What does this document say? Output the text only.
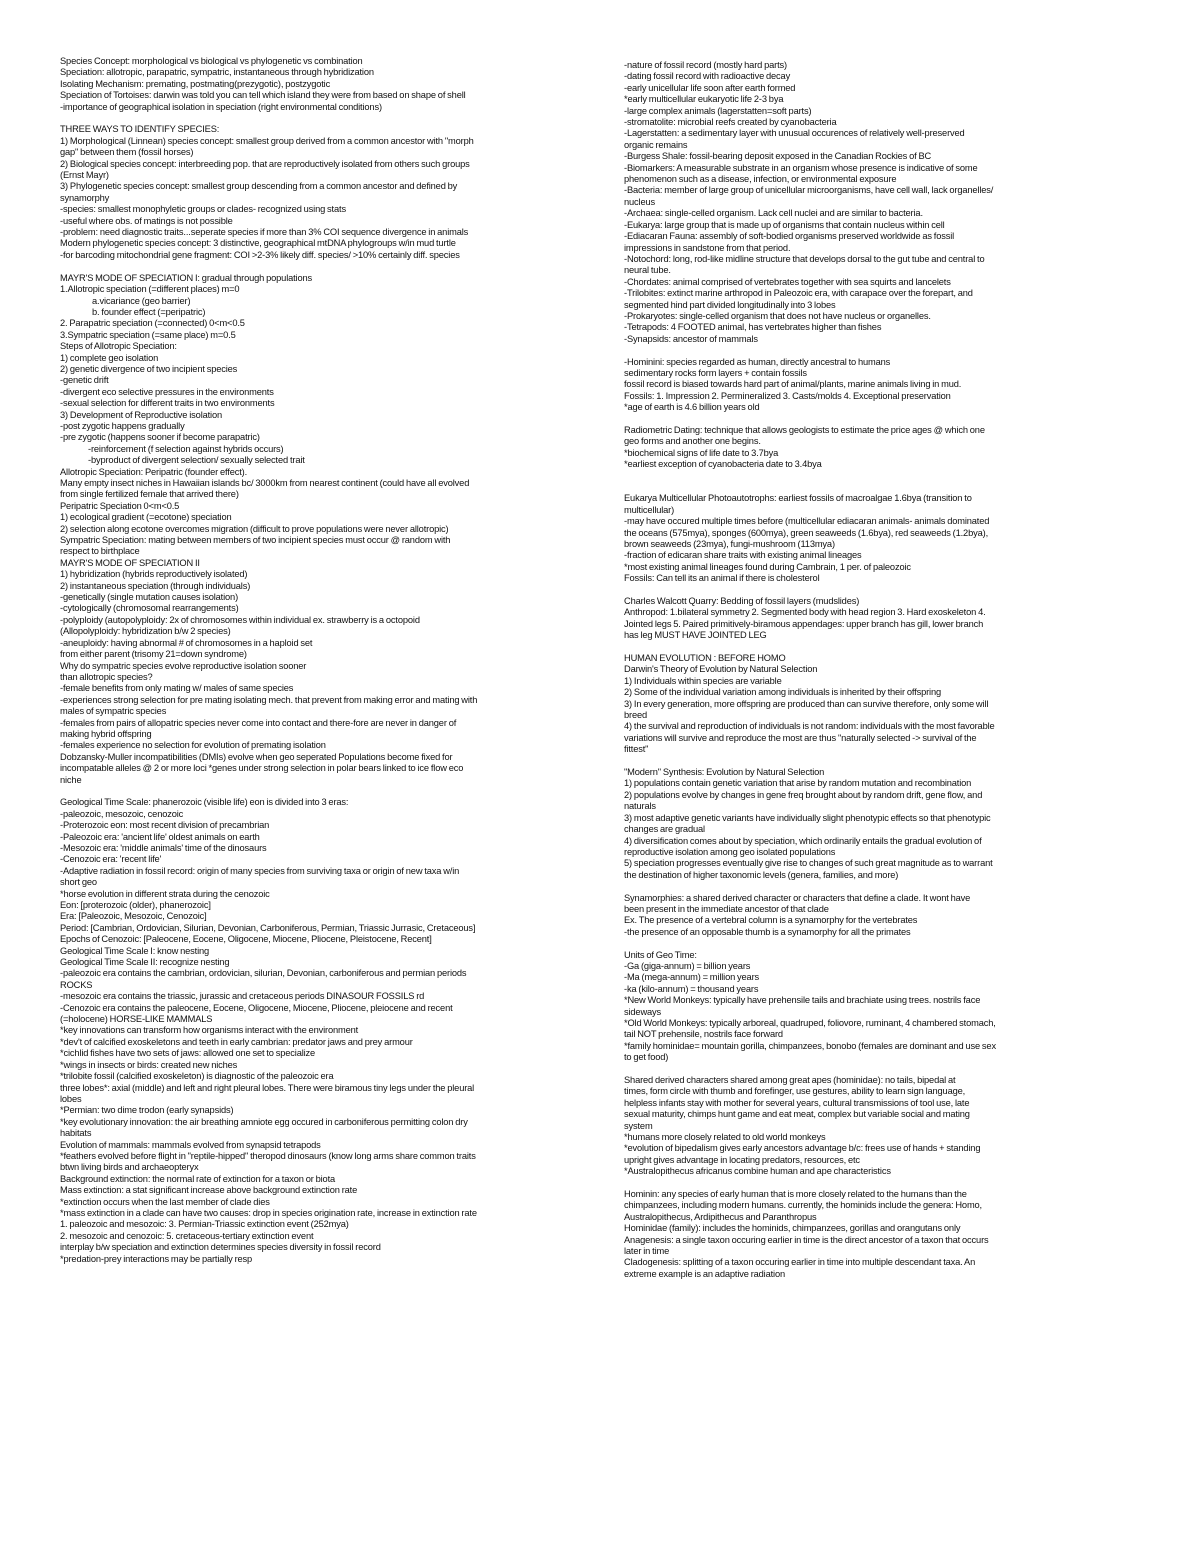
Species Concept: morphological vs biological vs phylogenetic vs combination
Speciation: allotropic, parapatric, sympatric, instantaneous through hybridization
Isolating Mechanism: premating, postmating(prezygotic), postzygotic
Speciation of Tortoises: darwin was told you can tell which island they were from based on shape of shell
-importance of geographical isolation in speciation (right environmental conditions)
THREE WAYS TO IDENTIFY SPECIES:
1) Morphological (Linnean) species concept: smallest group derived from a common ancestor with "morph
gap" between them (fossil horses)
2) Biological species concept: interbreeding pop. that are reproductively isolated from others such groups
(Ernst Mayr)
3) Phylogenetic species concept: smallest group descending from a common ancestor and defined by
synamorphy
-species: smallest monophyletic groups or clades- recognized using stats
-useful where obs. of matings is not possible
-problem: need diagnostic traits...seperate species if more than 3% COI sequence divergence in animals
Modern phylogenetic species concept: 3 distinctive, geographical mtDNA phylogroups w/in mud turtle
-for barcoding mitochondrial gene fragment: COI >2-3% likely diff. species/ >10% certainly diff. species
MAYR'S MODE OF SPECIATION I: gradual through populations
1.Allotropic speciation (=different places) m=0
a.vicariance (geo barrier)
b. founder effect (=peripatric)
2. Parapatric speciation (=connected) 0<m<0.5
3.Sympatric speciation (=same place) m=0.5
Steps of Allotropic Speciation:
1) complete geo isolation
2) genetic divergence of two incipient species
-genetic drift
-divergent eco selective pressures in the environments
-sexual selection for different traits in two environments
3) Development of Reproductive isolation
-post zygotic happens gradually
-pre zygotic (happens sooner if become parapatric)
-reinforcement (f selection against hybrids occurs)
-byproduct of divergent selection/ sexually selected trait
Allotropic Speciation: Peripatric (founder effect).
Many empty insect niches in Hawaiian islands bc/ 3000km from nearest continent (could have all evolved
from single fertilized female that arrived there)
Peripatric Speciation 0<m<0.5
1) ecological gradient (=ecotone) speciation
2) selection along ecotone overcomes migration (difficult to prove populations were never allotropic)
Sympatric Speciation: mating between members of two incipient species must occur @ random with
respect to birthplace
MAYR'S MODE OF SPECIATION II
1) hybridization (hybrids reproductively isolated)
2) instantaneous speciation (through individuals)
-genetically (single mutation causes isolation)
-cytologically (chromosomal rearrangements)
-polyploidy (autopolyploidy: 2x of chromosomes within individual ex. strawberry is a octopoid
(Allopolyploidy: hybridization b/w 2 species)
-aneuploidy: having abnormal # of chromosomes in a haploid set
from either parent (trisomy 21=down syndrome)
Why do sympatric species evolve reproductive isolation sooner
than allotropic species?
-female benefits from only mating w/ males of same species
-experiences strong selection for pre mating isolating mech. that prevent from making error and mating with
males of sympatric species
-females from pairs of allopatric species never come into contact and there-fore are never in danger of
making hybrid offspring
-females experience no selection for evolution of premating isolation
Dobzansky-Muller incompatibilities (DMIs) evolve when geo seperated Populations become fixed for
incompatable alleles @ 2 or more loci *genes under strong selection in polar bears linked to ice flow eco
niche
Geological Time Scale: phanerozoic (visible life) eon is divided into 3 eras:
-paleozoic, mesozoic, cenozoic
-Proterozoic eon: most recent division of precambrian
-Paleozoic era: 'ancient life' oldest animals on earth
-Mesozoic era: 'middle animals' time of the dinosaurs
-Cenozoic era: 'recent life'
-Adaptive radiation in fossil record: origin of many species from surviving taxa or origin of new taxa w/in
short geo
*horse evolution in different strata during the cenozoic
Eon: [proterozoic (older), phanerozoic]
Era: [Paleozoic, Mesozoic, Cenozoic]
Period: [Cambrian, Ordovician, Silurian, Devonian, Carboniferous, Permian, Triassic Jurrasic, Cretaceous]
Epochs of Cenozoic: [Paleocene, Eocene, Oligocene, Miocene, Pliocene, Pleistocene, Recent]
Geological Time Scale I: know nesting
Geological Time Scale II: recognize nesting
-paleozoic era contains the cambrian, ordovician, silurian, Devonian, carboniferous and permian periods
ROCKS
-mesozoic era contains the triassic, jurassic and cretaceous periods DINASOUR FOSSILS rd
-Cenozoic era contains the paleocene, Eocene, Oligocene, Miocene, Pliocene, pleiocene and recent
(=holocene) HORSE-LIKE MAMMALS
*key innovations can transform how organisms interact with the environment
*dev't of calcified exoskeletons and teeth in early cambrian: predator jaws and prey armour
*cichlid fishes have two sets of jaws: allowed one set to specialize
*wings in insects or birds: created new niches
*trilobite fossil (calcified exoskeleton) is diagnostic of the paleozoic era
three lobes*: axial (middle) and left and right pleural lobes. There were biramous tiny legs under the pleural
lobes
*Permian: two dime trodon (early synapsids)
*key evolutionary innovation: the air breathing amniote egg occured in carboniferous permitting colon dry
habitats
Evolution of mammals: mammals evolved from synapsid tetrapods
*feathers evolved before flight in "reptile-hipped" theropod dinosaurs (know long arms share common traits
btwn living birds and archaeopteryx
Background extinction: the normal rate of extinction for a taxon or biota
Mass extinction: a stat significant increase above background extinction rate
*extinction occurs when the last member of clade dies
*mass extinction in a clade can have two causes: drop in species origination rate, increase in extinction rate
1. paleozoic and mesozoic: 3. Permian-Triassic extinction event (252mya)
2. mesozoic and cenozoic: 5. cretaceous-tertiary extinction event
interplay b/w speciation and extinction determines species diversity in fossil record
*predation-prey interactions may be partially resp
-nature of fossil record (mostly hard parts)
-dating fossil record with radioactive decay
-early unicellular life soon after earth formed
*early multicellular eukaryotic life 2-3 bya
-large complex animals (lagerstatten=soft parts)
-stromatolite: microbial reefs created by cyanobacteria
-Lagerstatten: a sedimentary layer with unusual occurences of relatively well-preserved
organic remains
-Burgess Shale: fossil-bearing deposit exposed in the Canadian Rockies of BC
-Biomarkers: A measurable substrate in an organism whose presence is indicative of some
phenomenon such as a disease, infection, or environmental exposure
-Bacteria: member of large group of unicellular microorganisms, have cell wall, lack organelles/
nucleus
-Archaea: single-celled organism. Lack cell nuclei and are similar to bacteria.
-Eukarya: large group that is made up of organisms that contain nucleus within cell
-Ediacaran Fauna: assembly of soft-bodied organisms preserved worldwide as fossil
impressions in sandstone from that period.
-Notochord: long, rod-like midline structure that develops dorsal to the gut tube and central to
neural tube.
-Chordates: animal comprised of vertebrates together with sea squirts and lancelets
-Trilobites: extinct marine arthropod in Paleozoic era, with carapace over the forepart, and
segmented hind part divided longitudinally into 3 lobes
-Prokaryotes: single-celled organism that does not have nucleus or organelles.
-Tetrapods: 4 FOOTED animal, has vertebrates higher than fishes
-Synapsids: ancestor of mammals
-Hominini: species regarded as human, directly ancestral to humans
sedimentary rocks form layers + contain fossils
fossil record is biased towards hard part of animal/plants, marine animals living in mud.
Fossils: 1. Impression 2. Permineralized 3. Casts/molds 4. Exceptional preservation
*age of earth is 4.6 billion years old
Radiometric Dating: technique that allows geologists to estimate the price ages @ which one
geo forms and another one begins.
*biochemical signs of life date to 3.7bya
*earliest exception of cyanobacteria date to 3.4bya
Eukarya Multicellular Photoautotrophs: earliest fossils of macroalgae 1.6bya (transition to
multicellular)
-may have occured multiple times before (multicellular ediacaran animals- animals dominated
the oceans (575mya), sponges (600mya), green seaweeds (1.6bya), red seaweeds (1.2bya),
brown seaweeds (23mya), fungi-mushroom (113mya)
-fraction of edicaran share traits with existing animal lineages
*most existing animal lineages found during Cambrain, 1 per. of paleozoic
Fossils: Can tell its an animal if there is cholesterol
Charles Walcott Quarry: Bedding of fossil layers (mudslides)
Anthropod: 1.bilateral symmetry 2. Segmented body with head region 3. Hard exoskeleton 4.
Jointed legs 5. Paired primitively-biramous appendages: upper branch has gill, lower branch
has leg MUST HAVE JOINTED LEG
HUMAN EVOLUTION : BEFORE HOMO
Darwin's Theory of Evolution by Natural Selection
1) Individuals within species are variable
2) Some of the individual variation among individuals is inherited by their offspring
3) In every generation, more offspring are produced than can survive therefore, only some will
breed
4) the survival and reproduction of individuals is not random: individuals with the most favorable
variations will survive and reproduce the most are thus "naturally selected -> survival of the
fittest"
"Modern" Synthesis: Evolution by Natural Selection
1) populations contain genetic variation that arise by random mutation and recombination
2) populations evolve by changes in gene freq brought about by random drift, gene flow, and
naturals
3) most adaptive genetic variants have individually slight phenotypic effects so that phenotypic
changes are gradual
4) diversification comes about by speciation, which ordinarily entails the gradual evolution of
reproductive isolation among geo isolated populations
5) speciation progresses eventually give rise to changes of such great magnitude as to warrant
the destination of higher taxonomic levels (genera, families, and more)
Synamorphies: a shared derived character or characters that define a clade. It wont have
been present in the immediate ancestor of that clade
Ex. The presence of a vertebral column is a synamorphy for the vertebrates
-the presence of an opposable thumb is a synamorphy for all the primates
Units of Geo Time:
-Ga (giga-annum) = billion years
-Ma (mega-annum) = million years
-ka (kilo-annum) = thousand years
*New World Monkeys: typically have prehensile tails and brachiate using trees. nostrils face
sideways
*Old World Monkeys: typically arboreal, quadruped, foliovore, ruminant, 4 chambered stomach,
tail NOT prehensile, nostrils face forward
*family hominidae= mountain gorilla, chimpanzees, bonobo (females are dominant and use sex
to get food)
Shared derived characters shared among great apes (hominidae): no tails, bipedal at
times, form circle with thumb and forefinger, use gestures, ability to learn sign language,
helpless infants stay with mother for several years, cultural transmissions of tool use, late
sexual maturity, chimps hunt game and eat meat, complex but variable social and mating
system
*humans more closely related to old world monkeys
*evolution of bipedalism gives early ancestors advantage b/c: frees use of hands + standing
upright gives advantage in locating predators, resources, etc
*Australopithecus africanus combine human and ape characteristics
Hominin: any species of early human that is more closely related to the humans than the
chimpanzees, including modern humans. currently, the hominids include the genera: Homo,
Australopithecus, Ardipithecus and Paranthropus
Hominidae (family): includes the hominids, chimpanzees, gorillas and orangutans only
Anagenesis: a single taxon occuring earlier in time is the direct ancestor of a taxon that occurs
later in time
Cladogenesis: splitting of a taxon occuring earlier in time into multiple descendant taxa. An
extreme example is an adaptive radiation
